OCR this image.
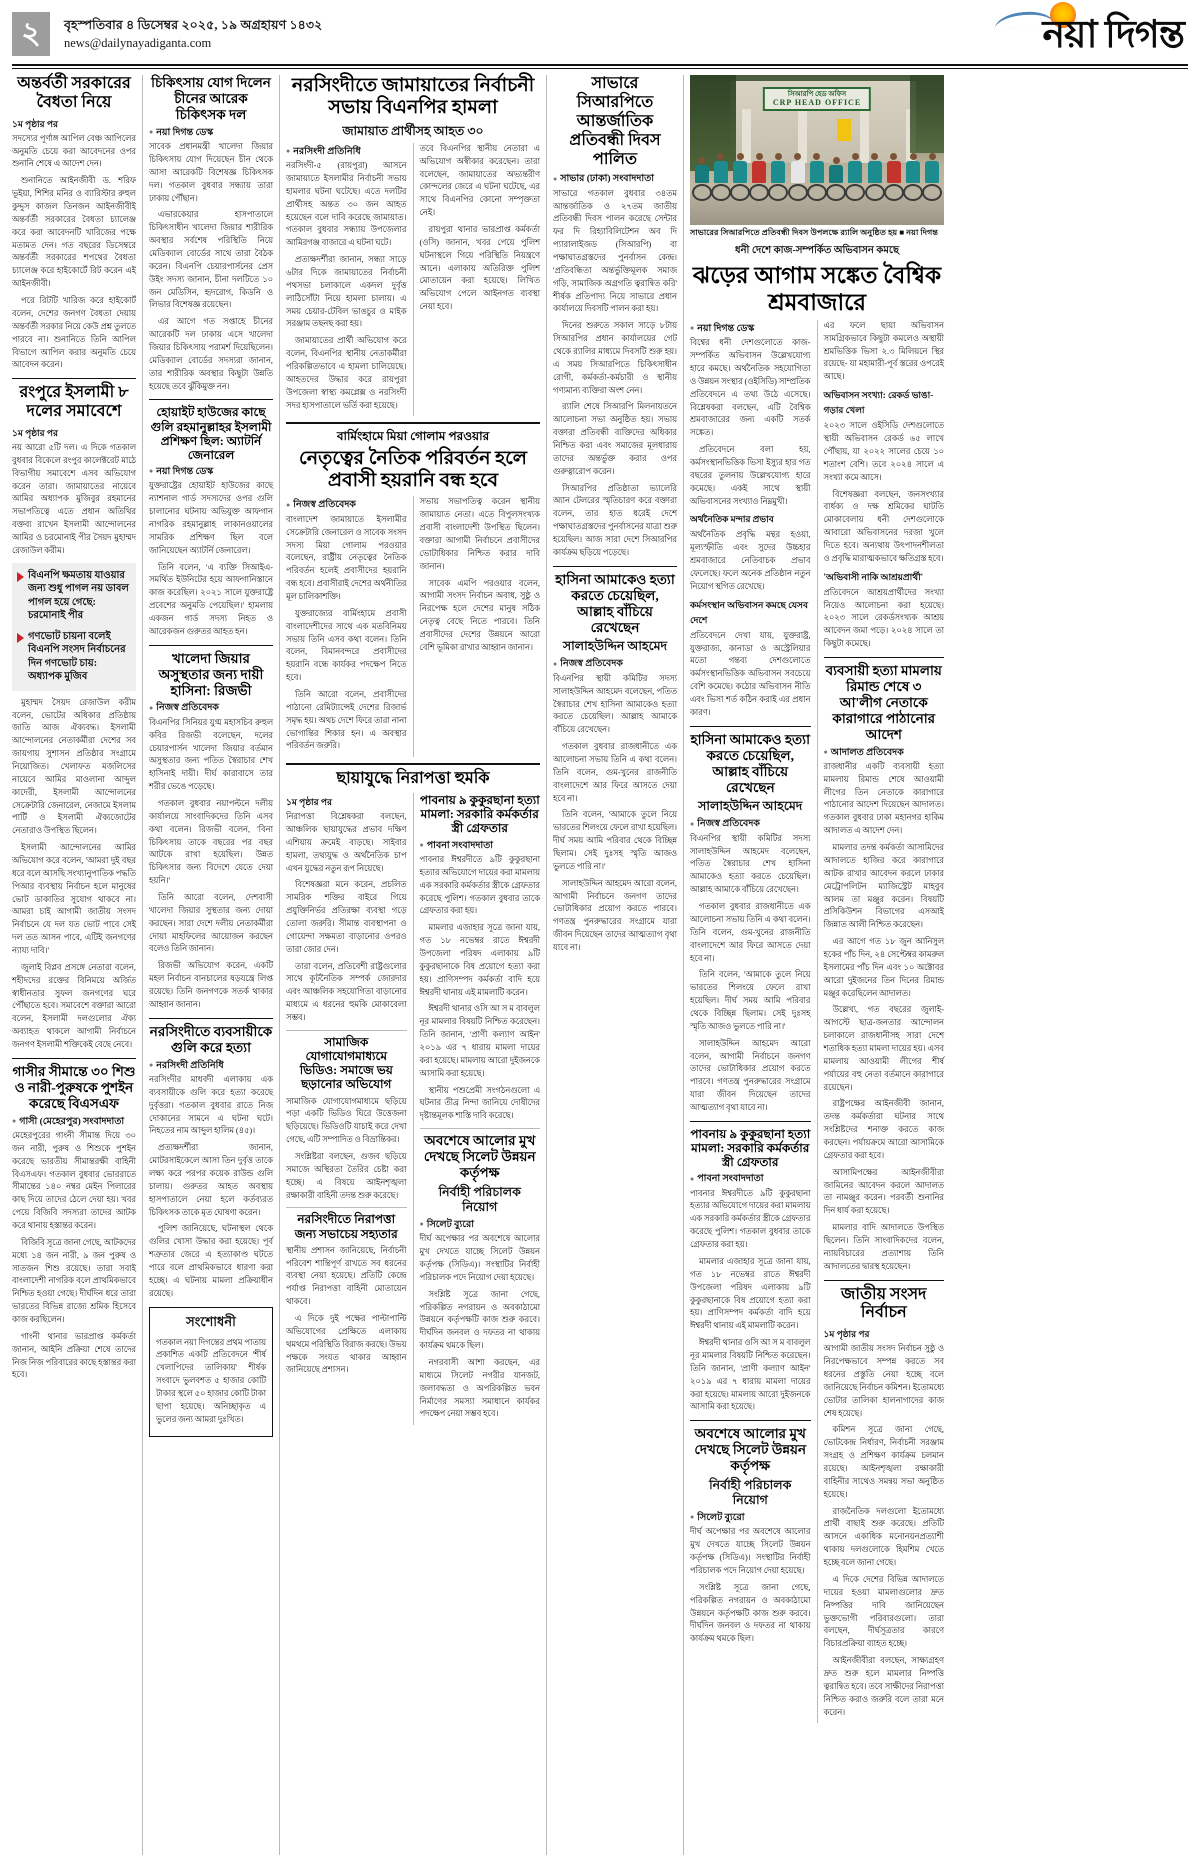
২	বৃহস্পতিবার ৪ ডিসেম্বর ২০২৫, ১৯ অগ্রহায়ণ ১৪৩২
news@dailynayadiganta.com	নয়া দিগন্ত
অন্তর্বর্তী সরকারের বৈধতা নিয়ে
১ম পৃষ্ঠার পর

সদস্যের পূর্ণাঙ্গ আপিল বেঞ্চ আপিলের অনুমতি চেয়ে করা আবেদনের ওপর শুনানি শেষে এ আদেশ দেন।

শুনানিতে আইনজীবী ড. শরিফ ভূইয়া, শিশির মনির ও ব্যারিস্টার রুহুল কুদ্দুস কাজল তিনজন আইনজীবীই অন্তর্বর্তী সরকারের বৈধতা চ্যালেঞ্জ করে করা আবেদনটি খারিজের পক্ষে মতামত দেন। গত বছরের ডিসেম্বরে অন্তর্বর্তী সরকারের শপথের বৈধতা চ্যালেঞ্জ করে হাইকোর্টে রিট করেন এই আইনজীবী।

পরে রিটটি খারিজ করে হাইকোর্ট বলেন, দেশের জনগণ বৈধতা দেয়ায় অন্তর্বর্তী সরকার নিয়ে কেউ প্রশ্ন তুলতে পারবে না। শুনানিতে তিনি আপিল বিভাগে আপিল করার অনুমতি চেয়ে আবেদন করেন।

রংপুরে ইসলামী ৮ দলের সমাবেশে
১ম পৃষ্ঠার পর

নয় আরো ৫টি দল। এ দিকে গতকাল বুধবার বিকেলে রংপুর কালেক্টরেট মাঠে বিভাগীয় সমাবেশে এসব অভিযোগ করেন তারা। জামায়াতের নায়েবে আমির অধ্যাপক মুজিবুর রহমানের সভাপতিত্বে এতে প্রধান অতিথির বক্তব্য রাখেন ইসলামী আন্দোলনের আমির ও চরমোনাই পীর সৈয়দ মুহাম্মদ রেজাউল করীম।

বিএনপি ক্ষমতায় যাওয়ার জন্য শুধু পাগল নয় ডাবল পাগল হয়ে গেছে: চরমোনাই পীর
গণভোট চায়না বলেই বিএনপি সংসদ নির্বাচনের দিন গণভোট চায়: অধ্যাপক মুজিব

মুহাম্মদ সৈয়দ রেজাউল করীম বলেন, ভোটের অধিকার প্রতিষ্ঠায় জাতি আজ ঐক্যবদ্ধ। ইসলামী আন্দোলনের নেতাকর্মীরা দেশের সব জায়গায় সুশাসন প্রতিষ্ঠার সংগ্রামে নিয়োজিত। খেলাফত মজলিসের নায়েবে আমির মাওলানা আব্দুল কাদেরী, ইসলামী আন্দোলনের সেক্রেটারি জেনারেল, নেজামে ইসলাম পার্টি ও ইসলামী ঐক্যজোটের নেতারাও উপস্থিত ছিলেন।

ইসলামী আন্দোলনের আমির অভিযোগ করে বলেন, 'আমরা দুই বছর ধরে বলে আসছি সংখ্যানুপাতিক পদ্ধতি পিআর ব্যবস্থায় নির্বাচন হলে মানুষের ভোট ডাকাতির সুযোগ থাকবে না। আমরা চাই আগামী জাতীয় সংসদ নির্বাচনে যে দল যত ভোট পাবে সেই দল তত আসন পাবে, এটিই জনগণের ন্যায্য দাবি।'

জুলাই বিপ্লব প্রসঙ্গে নেতারা বলেন, শহীদদের রক্তের বিনিময়ে অর্জিত স্বাধীনতার সুফল জনগণের ঘরে পৌঁছাতে হবে। সমাবেশে বক্তারা আরো বলেন, ইসলামী দলগুলোর ঐক্য অব্যাহত থাকলে আগামী নির্বাচনে জনগণ ইসলামী শক্তিকেই বেছে নেবে।

গাসীর সীমান্তে ৩০ শিশু ও নারী-পুরুষকে পুশইন করেছে বিএসএফ
● গাসী (মেহেরপুর) সংবাদদাতা

মেহেরপুরের গাংনী সীমান্ত দিয়ে ৩০ জন নারী, পুরুষ ও শিশুকে পুশইন করেছে ভারতীয় সীমান্তরক্ষী বাহিনী বিএসএফ। গতকাল বুধবার ভোররাতে সীমান্তের ১৪০ নম্বর মেইন পিলারের কাছ দিয়ে তাদের ঠেলে দেয়া হয়। খবর পেয়ে বিজিবি সদস্যরা তাদের আটক করে থানায় হস্তান্তর করেন।

বিজিবি সূত্রে জানা গেছে, আটকদের মধ্যে ১৪ জন নারী, ৯ জন পুরুষ ও সাতজন শিশু রয়েছে। তারা সবাই বাংলাদেশী নাগরিক বলে প্রাথমিকভাবে নিশ্চিত হওয়া গেছে। দীর্ঘদিন ধরে তারা ভারতের বিভিন্ন রাজ্যে শ্রমিক হিসেবে কাজ করছিলেন।

গাংনী থানার ভারপ্রাপ্ত কর্মকর্তা জানান, আইনি প্রক্রিয়া শেষে তাদের নিজ নিজ পরিবারের কাছে হস্তান্তর করা হবে।

চিকিৎসায় যোগ দিলেন চীনের আরেক চিকিৎসক দল
● নয়া দিগন্ত ডেস্ক

সাবেক প্রধানমন্ত্রী খালেদা জিয়ার চিকিৎসায় যোগ দিয়েছেন চীন থেকে আসা আরেকটি বিশেষজ্ঞ চিকিৎসক দল। গতকাল বুধবার সন্ধ্যায় তারা ঢাকায় পৌঁছান।

এভারকেয়ার হাসপাতালে চিকিৎসাধীন খালেদা জিয়ার শারীরিক অবস্থার সর্বশেষ পরিস্থিতি নিয়ে মেডিক্যাল বোর্ডের সাথে তারা বৈঠক করেন। বিএনপি চেয়ারপার্সনের প্রেস উইং সদস্য জানান, চীনা দলটিতে ১০ জন মেডিসিন, হৃদরোগ, কিডনি ও লিভার বিশেষজ্ঞ রয়েছেন।

এর আগে গত সপ্তাহে চীনের আরেকটি দল ঢাকায় এসে খালেদা জিয়ার চিকিৎসায় পরামর্শ দিয়েছিলেন। মেডিক্যাল বোর্ডের সদস্যরা জানান, তার শারীরিক অবস্থার কিছুটা উন্নতি হয়েছে তবে ঝুঁকিমুক্ত নন।

হোয়াইট হাউজের কাছে গুলি রহমানুল্লাহর ইসলামী প্রশিক্ষণ ছিল: অ্যাটর্নি জেনারেল
● নয়া দিগন্ত ডেস্ক

যুক্তরাষ্ট্রের হোয়াইট হাউজের কাছে ন্যাশনাল গার্ড সদস্যদের ওপর গুলি চালানোর ঘটনায় অভিযুক্ত আফগান নাগরিক রহমানুল্লাহ লাকানওয়ালের সামরিক প্রশিক্ষণ ছিল বলে জানিয়েছেন অ্যাটর্নি জেনারেল।

তিনি বলেন, 'এ ব্যক্তি সিআইএ-সমর্থিত ইউনিটের হয়ে আফগানিস্তানে কাজ করেছিল। ২০২১ সালে যুক্তরাষ্ট্রে প্রবেশের অনুমতি পেয়েছিল।' হামলায় একজন গার্ড সদস্য নিহত ও আরেকজন গুরুতর আহত হন।

খালেদা জিয়ার অসুস্থতার জন্য দায়ী হাসিনা: রিজভী
● নিজস্ব প্রতিবেদক

বিএনপির সিনিয়র যুগ্ম মহাসচিব রুহুল কবির রিজভী বলেছেন, দলের চেয়ারপার্সন খালেদা জিয়ার বর্তমান অসুস্থতার জন্য পতিত স্বৈরাচার শেখ হাসিনাই দায়ী। দীর্ঘ কারাবাসে তার শরীর ভেঙে পড়েছে।

গতকাল বুধবার নয়াপল্টনে দলীয় কার্যালয়ে সাংবাদিকদের তিনি এসব কথা বলেন। রিজভী বলেন, 'বিনা চিকিৎসায় তাকে বছরের পর বছর আটকে রাখা হয়েছিল। উন্নত চিকিৎসার জন্য বিদেশে যেতে দেয়া হয়নি।'

তিনি আরো বলেন, দেশবাসী খালেদা জিয়ার সুস্থতার জন্য দোয়া করছেন। সারা দেশে দলীয় নেতাকর্মীরা দোয়া মাহফিলের আয়োজন করছেন বলেও তিনি জানান।

রিজভী অভিযোগ করেন, একটি মহল নির্বাচন বানচালের ষড়যন্ত্রে লিপ্ত রয়েছে। তিনি জনগণকে সতর্ক থাকার আহ্বান জানান।

নরসিংদীতে ব্যবসায়ীকে গুলি করে হত্যা
● নরসিংদী প্রতিনিধি

নরসিংদীর মাধবদী এলাকায় এক ব্যবসায়ীকে গুলি করে হত্যা করেছে দুর্বৃত্তরা। গতকাল বুধবার রাতে নিজ দোকানের সামনে এ ঘটনা ঘটে। নিহতের নাম আব্দুল হালিম (৪৫)।

প্রত্যক্ষদর্শীরা জানান, মোটরসাইকেলে আসা তিন দুর্বৃত্ত তাকে লক্ষ্য করে পরপর কয়েক রাউন্ড গুলি চালায়। গুরুতর আহত অবস্থায় হাসপাতালে নেয়া হলে কর্তব্যরত চিকিৎসক তাকে মৃত ঘোষণা করেন।

পুলিশ জানিয়েছে, ঘটনাস্থল থেকে গুলির খোসা উদ্ধার করা হয়েছে। পূর্ব শত্রুতার জেরে এ হত্যাকাণ্ড ঘটতে পারে বলে প্রাথমিকভাবে ধারণা করা হচ্ছে। এ ঘটনায় মামলা প্রক্রিয়াধীন রয়েছে।

সংশোধনী

গতকাল নয়া দিগন্তের প্রথম পাতায় প্রকাশিত একটি প্রতিবেদনে 'শীর্ষ খেলাপিদের তালিকায়' শীর্ষক সংবাদে ভুলবশত ৫ হাজার কোটি টাকার স্থলে ৫০ হাজার কোটি টাকা ছাপা হয়েছে। অনিচ্ছাকৃত এ ভুলের জন্য আমরা দুঃখিত।

নরসিংদীতে জামায়াতের নির্বাচনী সভায় বিএনপির হামলা
জামায়াত প্রার্থীসহ আহত ৩০
● নরসিংদী প্রতিনিধি

নরসিংদী-৫ (রায়পুরা) আসনে জামায়াতে ইসলামীর নির্বাচনী সভায় হামলার ঘটনা ঘটেছে। এতে দলটির প্রার্থীসহ অন্তত ৩০ জন আহত হয়েছেন বলে দাবি করেছে জামায়াত। গতকাল বুধবার সন্ধ্যায় উপজেলার আমিরগঞ্জ বাজারে এ ঘটনা ঘটে।

প্রত্যক্ষদর্শীরা জানান, সন্ধ্যা সাড়ে ৬টার দিকে জামায়াতের নির্বাচনী পথসভা চলাকালে একদল দুর্বৃত্ত লাঠিসোঁটা নিয়ে হামলা চালায়। এ সময় চেয়ার-টেবিল ভাঙচুর ও মাইক সরঞ্জাম তছনছ করা হয়।

জামায়াতের প্রার্থী অভিযোগ করে বলেন, বিএনপির স্থানীয় নেতাকর্মীরা পরিকল্পিতভাবে এ হামলা চালিয়েছে। আহতদের উদ্ধার করে রায়পুরা উপজেলা স্বাস্থ্য কমপ্লেক্স ও নরসিংদী সদর হাসপাতালে ভর্তি করা হয়েছে।

তবে বিএনপির স্থানীয় নেতারা এ অভিযোগ অস্বীকার করেছেন। তারা বলেছেন, জামায়াতের অভ্যন্তরীণ কোন্দলের জেরে এ ঘটনা ঘটেছে, এর সাথে বিএনপির কোনো সম্পৃক্ততা নেই।

রায়পুরা থানার ভারপ্রাপ্ত কর্মকর্তা (ওসি) জানান, খবর পেয়ে পুলিশ ঘটনাস্থলে গিয়ে পরিস্থিতি নিয়ন্ত্রণে আনে। এলাকায় অতিরিক্ত পুলিশ মোতায়েন করা হয়েছে। লিখিত অভিযোগ পেলে আইনগত ব্যবস্থা নেয়া হবে।

বার্মিংহামে মিয়া গোলাম পরওয়ার
নেতৃত্বের নৈতিক পরিবর্তন হলে প্রবাসী হয়রানি বন্ধ হবে
● নিজস্ব প্রতিবেদক

বাংলাদেশ জামায়াতে ইসলামীর সেক্রেটারি জেনারেল ও সাবেক সংসদ সদস্য মিয়া গোলাম পরওয়ার বলেছেন, রাষ্ট্রীয় নেতৃত্বের নৈতিক পরিবর্তন হলেই প্রবাসীদের হয়রানি বন্ধ হবে। প্রবাসীরাই দেশের অর্থনীতির মূল চালিকাশক্তি।

যুক্তরাজ্যের বার্মিংহামে প্রবাসী বাংলাদেশীদের সাথে এক মতবিনিময় সভায় তিনি এসব কথা বলেন। তিনি বলেন, বিমানবন্দরে প্রবাসীদের হয়রানি বন্ধে কার্যকর পদক্ষেপ নিতে হবে।

তিনি আরো বলেন, প্রবাসীদের পাঠানো রেমিট্যান্সেই দেশের রিজার্ভ সমৃদ্ধ হয়। অথচ দেশে ফিরে তারা নানা ভোগান্তির শিকার হন। এ অবস্থার পরিবর্তন জরুরি।

সভায় সভাপতিত্ব করেন স্থানীয় জামায়াত নেতা। এতে বিপুলসংখ্যক প্রবাসী বাংলাদেশী উপস্থিত ছিলেন। বক্তারা আগামী নির্বাচনে প্রবাসীদের ভোটাধিকার নিশ্চিত করার দাবি জানান।

সাবেক এমপি পরওয়ার বলেন, আগামী সংসদ নির্বাচন অবাধ, সুষ্ঠু ও নিরপেক্ষ হলে দেশের মানুষ সঠিক নেতৃত্ব বেছে নিতে পারবে। তিনি প্রবাসীদের দেশের উন্নয়নে আরো বেশি ভূমিকা রাখার আহ্বান জানান।

ছায়াযুদ্ধে নিরাপত্তা হুমকি
১ম পৃষ্ঠার পর

নিরাপত্তা বিশ্লেষকরা বলছেন, আঞ্চলিক ছায়াযুদ্ধের প্রভাব দক্ষিণ এশিয়ায় ক্রমেই বাড়ছে। সাইবার হামলা, তথ্যযুদ্ধ ও অর্থনৈতিক চাপ এখন যুদ্ধের নতুন রূপ নিয়েছে।

বিশেষজ্ঞরা মনে করেন, প্রচলিত সামরিক শক্তির বাইরে গিয়ে প্রযুক্তিনির্ভর প্রতিরক্ষা ব্যবস্থা গড়ে তোলা জরুরি। সীমান্ত ব্যবস্থাপনা ও গোয়েন্দা সক্ষমতা বাড়ানোর ওপরও তারা জোর দেন।

তারা বলেন, প্রতিবেশী রাষ্ট্রগুলোর সাথে কূটনৈতিক সম্পর্ক জোরদার এবং আঞ্চলিক সহযোগিতা বাড়ানোর মাধ্যমে এ ধরনের হুমকি মোকাবেলা সম্ভব।

সামাজিক যোগাযোগমাধ্যমে ভিডিও: সমাজে ভয় ছড়ানোর অভিযোগ

সামাজিক যোগাযোগমাধ্যমে ছড়িয়ে পড়া একটি ভিডিও ঘিরে উত্তেজনা ছড়িয়েছে। ভিডিওটি যাচাই করে দেখা গেছে, এটি সম্পাদিত ও বিভ্রান্তিকর।

সংশ্লিষ্টরা বলছেন, গুজব ছড়িয়ে সমাজে অস্থিরতা তৈরির চেষ্টা করা হচ্ছে। এ বিষয়ে আইনশৃঙ্খলা রক্ষাকারী বাহিনী তদন্ত শুরু করেছে।

নরসিংদীতে নিরাপত্তা জন্য সভাচেয় সহ্যতার

স্থানীয় প্রশাসন জানিয়েছে, নির্বাচনী পরিবেশ শান্তিপূর্ণ রাখতে সব ধরনের ব্যবস্থা নেয়া হয়েছে। প্রতিটি কেন্দ্রে পর্যাপ্ত নিরাপত্তা বাহিনী মোতায়েন থাকবে।

এ দিকে দুই পক্ষের পাল্টাপাল্টি অভিযোগের প্রেক্ষিতে এলাকায় থমথমে পরিস্থিতি বিরাজ করছে। উভয় পক্ষকে সংযত থাকার আহ্বান জানিয়েছে প্রশাসন।

পাবনায় ৯ কুকুরছানা হত্যা মামলা: সরকারি কর্মকর্তার স্ত্রী গ্রেফতার
● পাবনা সংবাদদাতা

পাবনার ঈশ্বরদীতে ৯টি কুকুরছানা হত্যার অভিযোগে দায়ের করা মামলায় এক সরকারি কর্মকর্তার স্ত্রীকে গ্রেফতার করেছে পুলিশ। গতকাল বুধবার তাকে গ্রেফতার করা হয়।

মামলার এজাহার সূত্রে জানা যায়, গত ১৮ নভেম্বর রাতে ঈশ্বরদী উপজেলা পরিষদ এলাকায় ৯টি কুকুরছানাকে বিষ প্রয়োগে হত্যা করা হয়। প্রাণিসম্পদ কর্মকর্তা বাদি হয়ে ঈশ্বরদী থানায় এই মামলাটি করেন।

ঈশ্বরদী থানার ওসি আ স ম বাবলুল নূর মামলার বিষয়টি নিশ্চিত করেছেন। তিনি জানান, 'প্রাণী কল্যাণ আইন' ২০১৯ এর ৭ ধারায় মামলা দায়ের করা হয়েছে। মামলায় আরো দুইজনকে আসামি করা হয়েছে।

স্থানীয় পশুপ্রেমী সংগঠনগুলো এ ঘটনার তীব্র নিন্দা জানিয়ে দোষীদের দৃষ্টান্তমূলক শাস্তি দাবি করেছে।

অবশেষে আলোর মুখ দেখছে সিলেট উন্নয়ন কর্তৃপক্ষ
নির্বাহী পরিচালক নিয়োগ
● সিলেট ব্যুরো

দীর্ঘ অপেক্ষার পর অবশেষে আলোর মুখ দেখতে যাচ্ছে সিলেট উন্নয়ন কর্তৃপক্ষ (সিডিএ)। সংস্থাটির নির্বাহী পরিচালক পদে নিয়োগ দেয়া হয়েছে।

সংশ্লিষ্ট সূত্রে জানা গেছে, পরিকল্পিত নগরায়ন ও অবকাঠামো উন্নয়নে কর্তৃপক্ষটি কাজ শুরু করবে। দীর্ঘদিন জনবল ও দফতর না থাকায় কার্যক্রম থমকে ছিল।

নগরবাসী আশা করছেন, এর মাধ্যমে সিলেট নগরীর যানজট, জলাবদ্ধতা ও অপরিকল্পিত ভবন নির্মাণের সমস্যা সমাধানে কার্যকর পদক্ষেপ নেয়া সম্ভব হবে।

সাভারে সিআরপিতে আন্তর্জাতিক প্রতিবন্ধী দিবস পালিত
● সাভার (ঢাকা) সংবাদদাতা

সাভারে গতকাল বুধবার ৩৪তম আন্তর্জাতিক ও ২৭তম জাতীয় প্রতিবন্ধী দিবস পালন করেছে সেন্টার ফর দি রিহ্যাবিলিটেশন অব দি প্যারালাইজড (সিআরপি) বা পক্ষাঘাতগ্রস্তদের পুনর্বাসন কেন্দ্র। 'প্রতিবন্ধিতা অন্তর্ভুক্তিমূলক সমাজ গড়ি, সামাজিক অগ্রগতি ত্বরান্বিত করি' শীর্ষক প্রতিপাদ্য নিয়ে সাভারে প্রধান কার্যালয়ে দিবসটি পালন করা হয়।

দিনের শুরুতে সকাল সাড়ে ৮টায় সিআরপির প্রধান কার্যালয়ের গেট থেকে র‍্যালির মাধ্যমে দিবসটি শুরু হয়। এ সময় সিআরপিতে চিকিৎসাধীন রোগী, কর্মকর্তা-কর্মচারী ও স্থানীয় গণ্যমান্য ব্যক্তিরা অংশ নেন।

র‍্যালি শেষে সিআরপি মিলনায়তনে আলোচনা সভা অনুষ্ঠিত হয়। সভায় বক্তারা প্রতিবন্ধী ব্যক্তিদের অধিকার নিশ্চিত করা এবং সমাজের মূলধারায় তাদের অন্তর্ভুক্ত করার ওপর গুরুত্বারোপ করেন।

সিআরপির প্রতিষ্ঠাতা ভ্যালেরি অ্যান টেলরের স্মৃতিচারণ করে বক্তারা বলেন, তার হাত ধরেই দেশে পক্ষাঘাতগ্রস্তদের পুনর্বাসনের যাত্রা শুরু হয়েছিল। আজ সারা দেশে সিআরপির কার্যক্রম ছড়িয়ে পড়েছে।

হাসিনা আমাকেও হত্যা করতে চেয়েছিল, আল্লাহ বাঁচিয়ে রেখেছেন
সালাহউদ্দিন আহমেদ
● নিজস্ব প্রতিবেদক

বিএনপির স্থায়ী কমিটির সদস্য সালাহউদ্দিন আহমেদ বলেছেন, পতিত স্বৈরাচার শেখ হাসিনা আমাকেও হত্যা করতে চেয়েছিল। আল্লাহ আমাকে বাঁচিয়ে রেখেছেন।

গতকাল বুধবার রাজধানীতে এক আলোচনা সভায় তিনি এ কথা বলেন। তিনি বলেন, গুম-খুনের রাজনীতি বাংলাদেশে আর ফিরে আসতে দেয়া হবে না।

তিনি বলেন, 'আমাকে তুলে নিয়ে ভারতের শিলংয়ে ফেলে রাখা হয়েছিল। দীর্ঘ সময় আমি পরিবার থেকে বিচ্ছিন্ন ছিলাম। সেই দুঃসহ স্মৃতি আজও ভুলতে পারি না।'

সালাহউদ্দিন আহমেদ আরো বলেন, আগামী নির্বাচনে জনগণ তাদের ভোটাধিকার প্রয়োগ করতে পারবে। গণতন্ত্র পুনরুদ্ধারের সংগ্রামে যারা জীবন দিয়েছেন তাদের আত্মত্যাগ বৃথা যাবে না।

সিআরপি হেড অফিস
CRP HEAD OFFICE
সাভারের সিআরপিতে প্রতিবন্ধী দিবস উপলক্ষে র‍্যালি অনুষ্ঠিত হয় ■ নয়া দিগন্ত
ধনী দেশে কাজ-সম্পর্কিত অভিবাসন কমছে
ঝড়ের আগাম সঙ্কেত বৈশ্বিক শ্রমবাজারে
● নয়া দিগন্ত ডেস্ক

বিশ্বের ধনী দেশগুলোতে কাজ-সম্পর্কিত অভিবাসন উল্লেখযোগ্য হারে কমছে। অর্থনৈতিক সহযোগিতা ও উন্নয়ন সংস্থার (ওইসিডি) সাম্প্রতিক প্রতিবেদনে এ তথ্য উঠে এসেছে। বিশ্লেষকরা বলছেন, এটি বৈশ্বিক শ্রমবাজারের জন্য একটি সতর্ক সঙ্কেত।

প্রতিবেদনে বলা হয়, কর্মসংস্থানভিত্তিক ভিসা ইস্যুর হার গত বছরের তুলনায় উল্লেখযোগ্য হারে কমেছে। একই সাথে স্থায়ী অভিবাসনের সংখ্যাও নিম্নমুখী।

অর্থনৈতিক মন্দার প্রভাব

অর্থনৈতিক প্রবৃদ্ধি মন্থর হওয়া, মূল্যস্ফীতি এবং সুদের উচ্চহার শ্রমবাজারে নেতিবাচক প্রভাব ফেলেছে। ফলে অনেক প্রতিষ্ঠান নতুন নিয়োগ স্থগিত রেখেছে।

কর্মসংস্থান অভিবাসন কমছে যেসব দেশে

প্রতিবেদনে দেখা যায়, যুক্তরাষ্ট্র, যুক্তরাজ্য, কানাডা ও অস্ট্রেলিয়ার মতো গন্তব্য দেশগুলোতে কর্মসংস্থানভিত্তিক অভিবাসন সবচেয়ে বেশি কমেছে। কঠোর অভিবাসন নীতি এবং ভিসা শর্ত কঠিন করাই এর প্রধান কারণ।

হাসিনা আমাকেও হত্যা করতে চেয়েছিল, আল্লাহ বাঁচিয়ে রেখেছেন
সালাহউদ্দিন আহমেদ
● নিজস্ব প্রতিবেদক

বিএনপির স্থায়ী কমিটির সদস্য সালাহউদ্দিন আহমেদ বলেছেন, পতিত স্বৈরাচার শেখ হাসিনা আমাকেও হত্যা করতে চেয়েছিল। আল্লাহ আমাকে বাঁচিয়ে রেখেছেন।

গতকাল বুধবার রাজধানীতে এক আলোচনা সভায় তিনি এ কথা বলেন। তিনি বলেন, গুম-খুনের রাজনীতি বাংলাদেশে আর ফিরে আসতে দেয়া হবে না।

তিনি বলেন, 'আমাকে তুলে নিয়ে ভারতের শিলংয়ে ফেলে রাখা হয়েছিল। দীর্ঘ সময় আমি পরিবার থেকে বিচ্ছিন্ন ছিলাম। সেই দুঃসহ স্মৃতি আজও ভুলতে পারি না।'

সালাহউদ্দিন আহমেদ আরো বলেন, আগামী নির্বাচনে জনগণ তাদের ভোটাধিকার প্রয়োগ করতে পারবে। গণতন্ত্র পুনরুদ্ধারের সংগ্রামে যারা জীবন দিয়েছেন তাদের আত্মত্যাগ বৃথা যাবে না।

পাবনায় ৯ কুকুরছানা হত্যা মামলা: সরকারি কর্মকর্তার স্ত্রী গ্রেফতার
● পাবনা সংবাদদাতা

পাবনার ঈশ্বরদীতে ৯টি কুকুরছানা হত্যার অভিযোগে দায়ের করা মামলায় এক সরকারি কর্মকর্তার স্ত্রীকে গ্রেফতার করেছে পুলিশ। গতকাল বুধবার তাকে গ্রেফতার করা হয়।

মামলার এজাহার সূত্রে জানা যায়, গত ১৮ নভেম্বর রাতে ঈশ্বরদী উপজেলা পরিষদ এলাকায় ৯টি কুকুরছানাকে বিষ প্রয়োগে হত্যা করা হয়। প্রাণিসম্পদ কর্মকর্তা বাদি হয়ে ঈশ্বরদী থানায় এই মামলাটি করেন।

ঈশ্বরদী থানার ওসি আ স ম বাবলুল নূর মামলার বিষয়টি নিশ্চিত করেছেন। তিনি জানান, 'প্রাণী কল্যাণ আইন' ২০১৯ এর ৭ ধারায় মামলা দায়ের করা হয়েছে। মামলায় আরো দুইজনকে আসামি করা হয়েছে।

অবশেষে আলোর মুখ দেখছে সিলেট উন্নয়ন কর্তৃপক্ষ
নির্বাহী পরিচালক নিয়োগ
● সিলেট ব্যুরো

দীর্ঘ অপেক্ষার পর অবশেষে আলোর মুখ দেখতে যাচ্ছে সিলেট উন্নয়ন কর্তৃপক্ষ (সিডিএ)। সংস্থাটির নির্বাহী পরিচালক পদে নিয়োগ দেয়া হয়েছে।

সংশ্লিষ্ট সূত্রে জানা গেছে, পরিকল্পিত নগরায়ন ও অবকাঠামো উন্নয়নে কর্তৃপক্ষটি কাজ শুরু করবে। দীর্ঘদিন জনবল ও দফতর না থাকায় কার্যক্রম থমকে ছিল।

এর ফলে ছায়া অভিবাসন সামগ্রিকভাবে কিছুটা কমলেও অস্থায়ী শ্রমভিত্তিক ভিসা ২.৩ মিলিয়নে স্থির রয়েছে- যা মহামারী-পূর্ব স্তরের ওপরেই আছে।

অভিবাসন সংখ্যা: রেকর্ড ভাঙা-গড়ার খেলা

২০২৩ সালে ওইসিডি দেশগুলোতে স্থায়ী অভিবাসন রেকর্ড ৬৫ লাখে পৌঁছায়, যা ২০২২ সালের চেয়ে ১০ শতাংশ বেশি। তবে ২০২৪ সালে এ সংখ্যা কমে আসে।

বিশেষজ্ঞরা বলছেন, জনসংখ্যার বার্ধক্য ও দক্ষ শ্রমিকের ঘাটতি মোকাবেলায় ধনী দেশগুলোকে আবারো অভিবাসনের দরজা খুলে দিতে হবে। অন্যথায় উৎপাদনশীলতা ও প্রবৃদ্ধি মারাত্মকভাবে ক্ষতিগ্রস্ত হবে।

'অভিবাসী নাকি আশ্রয়প্রার্থী'

প্রতিবেদনে আশ্রয়প্রার্থীদের সংখ্যা নিয়েও আলোচনা করা হয়েছে। ২০২৩ সালে রেকর্ডসংখ্যক আশ্রয় আবেদন জমা পড়ে। ২০২৪ সালে তা কিছুটা কমেছে।

ব্যবসায়ী হত্যা মামলায় রিমান্ড শেষে ৩ আ'লীগ নেতাকে কারাগারে পাঠানোর আদেশ
● আদালত প্রতিবেদক

রাজধানীর একটি ব্যবসায়ী হত্যা মামলায় রিমান্ড শেষে আওয়ামী লীগের তিন নেতাকে কারাগারে পাঠানোর আদেশ দিয়েছেন আদালত। গতকাল বুধবার ঢাকা মহানগর হাকিম আদালত এ আদেশ দেন।

মামলার তদন্ত কর্মকর্তা আসামিদের আদালতে হাজির করে কারাগারে আটক রাখার আবেদন করলে ঢাকার মেট্রোপলিটন ম্যাজিস্ট্রেট মাহবুব আলম তা মঞ্জুর করেন। বিষয়টি প্রসিকিউশন বিভাগের এসআই জিন্নাত আলী নিশ্চিত করেছেন।

এর আগে গত ১৮ জুন আনিসুল হকের পাঁচ দিন, ২৪ সেপ্টেম্বর কামরুল ইসলামের পাঁচ দিন এবং ১০ অক্টোবর আরো দুইজনের তিন দিনের রিমান্ড মঞ্জুর করেছিলেন আদালত।

উল্লেখ্য, গত বছরের জুলাই-আগস্টে ছাত্র-জনতার আন্দোলন চলাকালে রাজধানীসহ সারা দেশে শতাধিক হত্যা মামলা দায়ের হয়। এসব মামলায় আওয়ামী লীগের শীর্ষ পর্যায়ের বহু নেতা বর্তমানে কারাগারে রয়েছেন।

রাষ্ট্রপক্ষের আইনজীবী জানান, তদন্ত কর্মকর্তারা ঘটনার সাথে সংশ্লিষ্টদের শনাক্ত করতে কাজ করছেন। পর্যায়ক্রমে আরো আসামিকে গ্রেফতার করা হবে।

আসামিপক্ষের আইনজীবীরা জামিনের আবেদন করলে আদালত তা নামঞ্জুর করেন। পরবর্তী শুনানির দিন ধার্য করা হয়েছে।

মামলার বাদি আদালতে উপস্থিত ছিলেন। তিনি সাংবাদিকদের বলেন, ন্যায়বিচারের প্রত্যাশায় তিনি আদালতের দ্বারস্থ হয়েছেন।

জাতীয় সংসদ নির্বাচন
১ম পৃষ্ঠার পর

আগামী জাতীয় সংসদ নির্বাচন সুষ্ঠু ও নিরপেক্ষভাবে সম্পন্ন করতে সব ধরনের প্রস্তুতি নেয়া হচ্ছে বলে জানিয়েছে নির্বাচন কমিশন। ইতোমধ্যে ভোটার তালিকা হালনাগাদের কাজ শেষ হয়েছে।

কমিশন সূত্রে জানা গেছে, ভোটকেন্দ্র নির্ধারণ, নির্বাচনী সরঞ্জাম সংগ্রহ ও প্রশিক্ষণ কার্যক্রম চলমান রয়েছে। আইনশৃঙ্খলা রক্ষাকারী বাহিনীর সাথেও সমন্বয় সভা অনুষ্ঠিত হয়েছে।

রাজনৈতিক দলগুলো ইতোমধ্যে প্রার্থী বাছাই শুরু করেছে। প্রতিটি আসনে একাধিক মনোনয়নপ্রত্যাশী থাকায় দলগুলোকে হিমশিম খেতে হচ্ছে বলে জানা গেছে।

এ দিকে দেশের বিভিন্ন আদালতে দায়ের হওয়া মামলাগুলোর দ্রুত নিষ্পত্তির দাবি জানিয়েছেন ভুক্তভোগী পরিবারগুলো। তারা বলছেন, দীর্ঘসূত্রতার কারণে বিচারপ্রক্রিয়া ব্যাহত হচ্ছে।

আইনজীবীরা বলছেন, সাক্ষ্যগ্রহণ দ্রুত শুরু হলে মামলার নিষ্পত্তি ত্বরান্বিত হবে। তবে সাক্ষীদের নিরাপত্তা নিশ্চিত করাও জরুরি বলে তারা মনে করেন।
